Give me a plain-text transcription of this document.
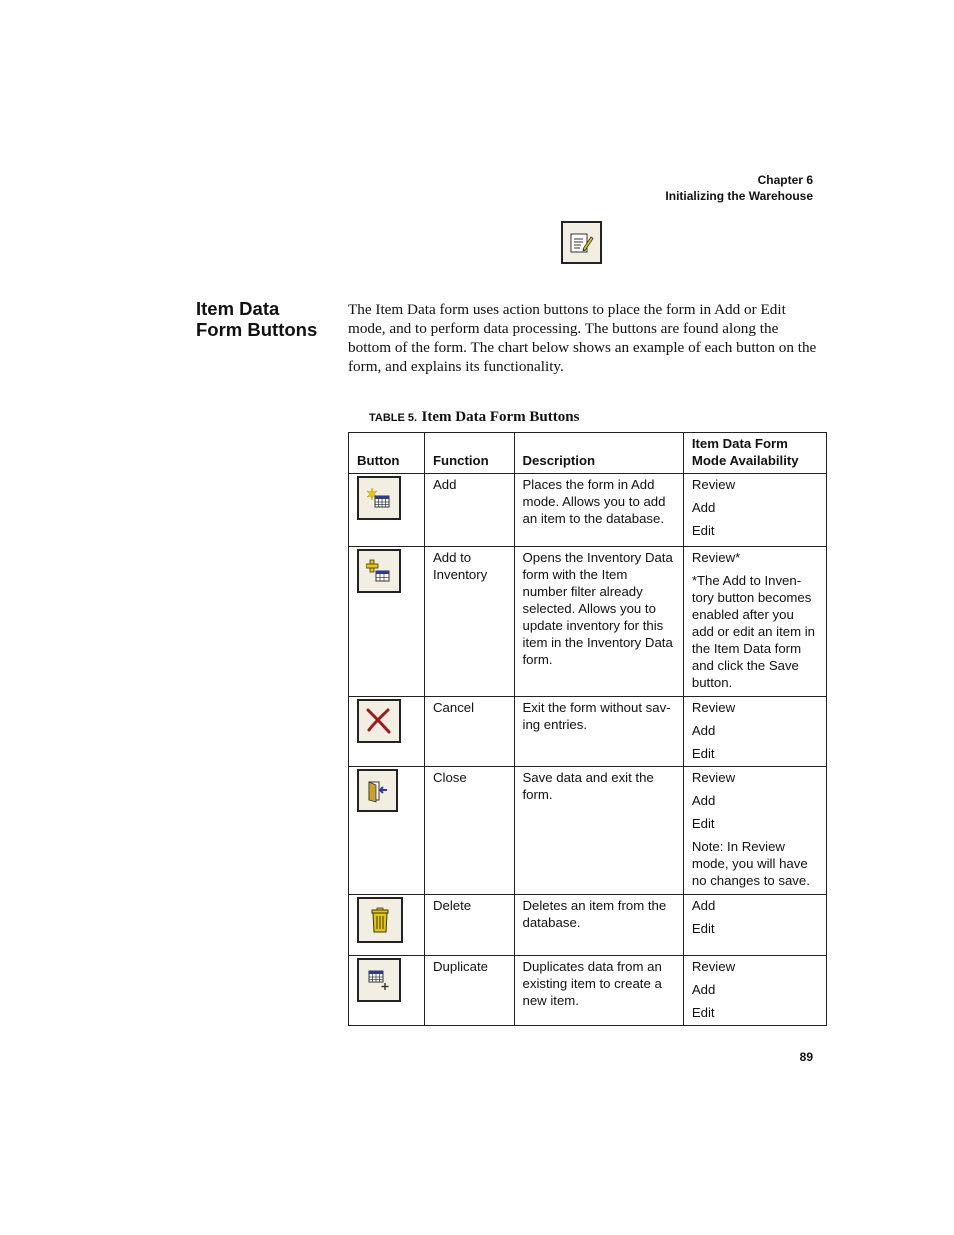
Chapter 6
Initializing the Warehouse
Item Data
Form Buttons
The Item Data form uses action buttons to place the form in Add or Edit mode, and to perform data processing. The buttons are found along the bottom of the form. The chart below shows an example of each button on the form, and explains its functionality.
TABLE 5. Item Data Form Buttons
Button	Function	Description	Item Data Form
Mode Availability

	Add	Places the form in Add mode. Allows you to add an item to the database.	Review
Add
Edit

	Add to Inventory	Opens the Inventory Data form with the Item number filter already selected. Allows you to update inventory for this item in the Inventory Data form.	Review*
*The Add to Inven-tory button becomes enabled after you add or edit an item in the Item Data form and click the Save button.

	Cancel	Exit the form without sav-ing entries.	Review
Add
Edit

	Close	Save data and exit the form.	Review
Add
Edit
Note: In Review mode, you will have no changes to save.

	Delete	Deletes an item from the database.	Add
Edit

	Duplicate	Duplicates data from an existing item to create a new item.	Review
Add
Edit
89
